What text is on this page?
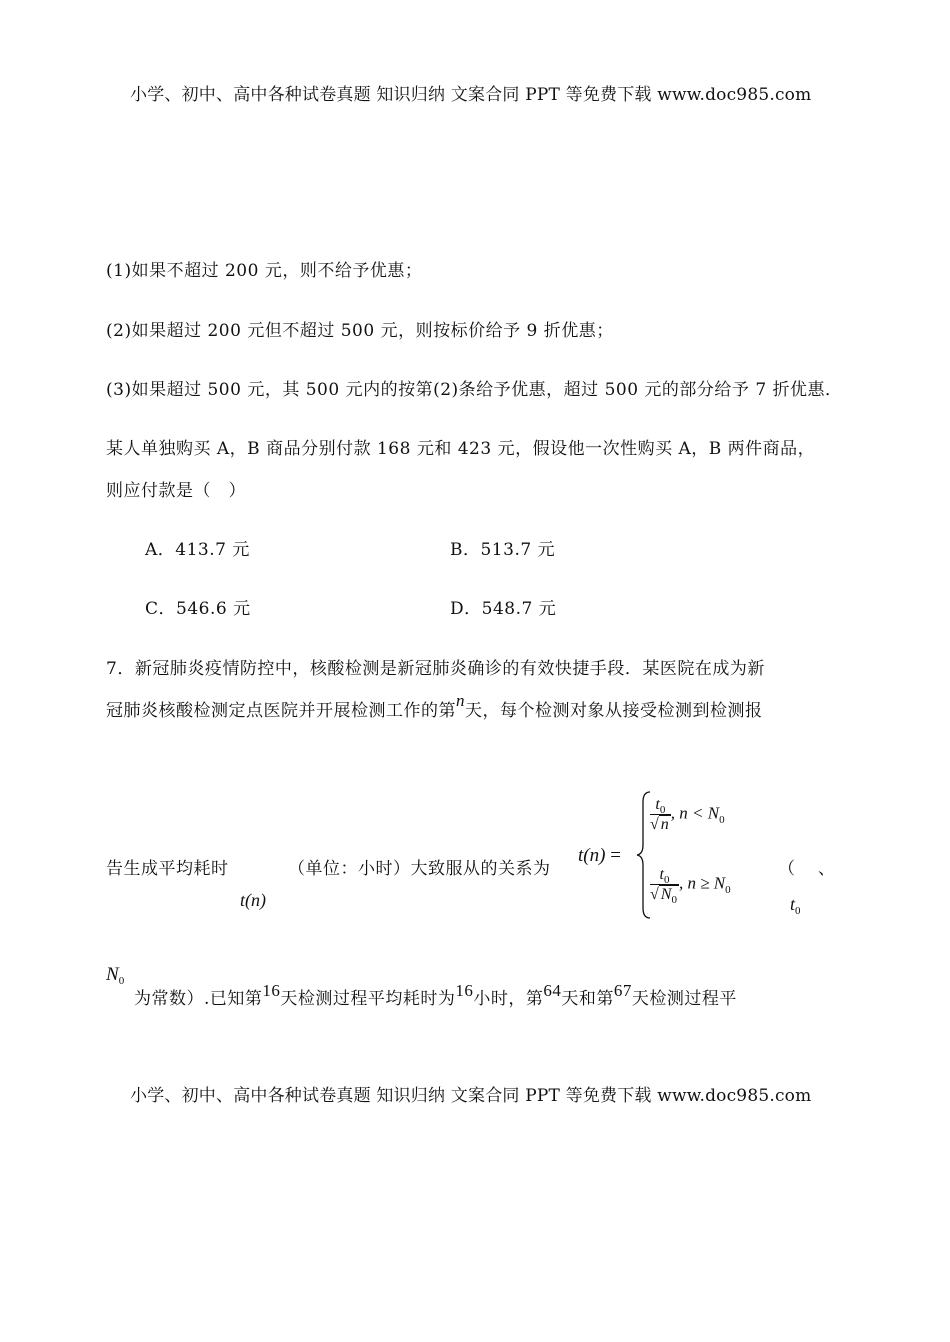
小学、初中、高中各种试卷真题 知识归纳 文案合同 PPT 等免费下载 www.doc985.com
(1)如果不超过 200 元，则不给予优惠；
(2)如果超过 200 元但不超过 500 元，则按标价给予 9 折优惠；
(3)如果超过 500 元，其 500 元内的按第(2)条给予优惠，超过 500 元的部分给予 7 折优惠．
某人单独购买 A，B 商品分别付款 168 元和 423 元，假设他一次性购买 A，B 两件商品，
则应付款是（　）
A．413.7 元	B．513.7 元
C．546.6 元	D．548.7 元
7．新冠肺炎疫情防控中，核酸检测是新冠肺炎确诊的有效快捷手段．某医院在成为新
冠肺炎核酸检测定点医院并开展检测工作的第n天，每个检测对象从接受检测到检测报
告生成平均耗时	（单位：小时）大致服从的关系为
t(n)
t(n) =
$\frac{t_0}{√ n}$ , $n < N_0$
$\frac{t_0}{√ N_0}$ , $n \ge N_0$
（ 、
$t_0$
$N_0$
为常数）.已知第16天检测过程平均耗时为16小时，第64天和第67天检测过程平
小学、初中、高中各种试卷真题 知识归纳 文案合同 PPT 等免费下载 www.doc985.com
